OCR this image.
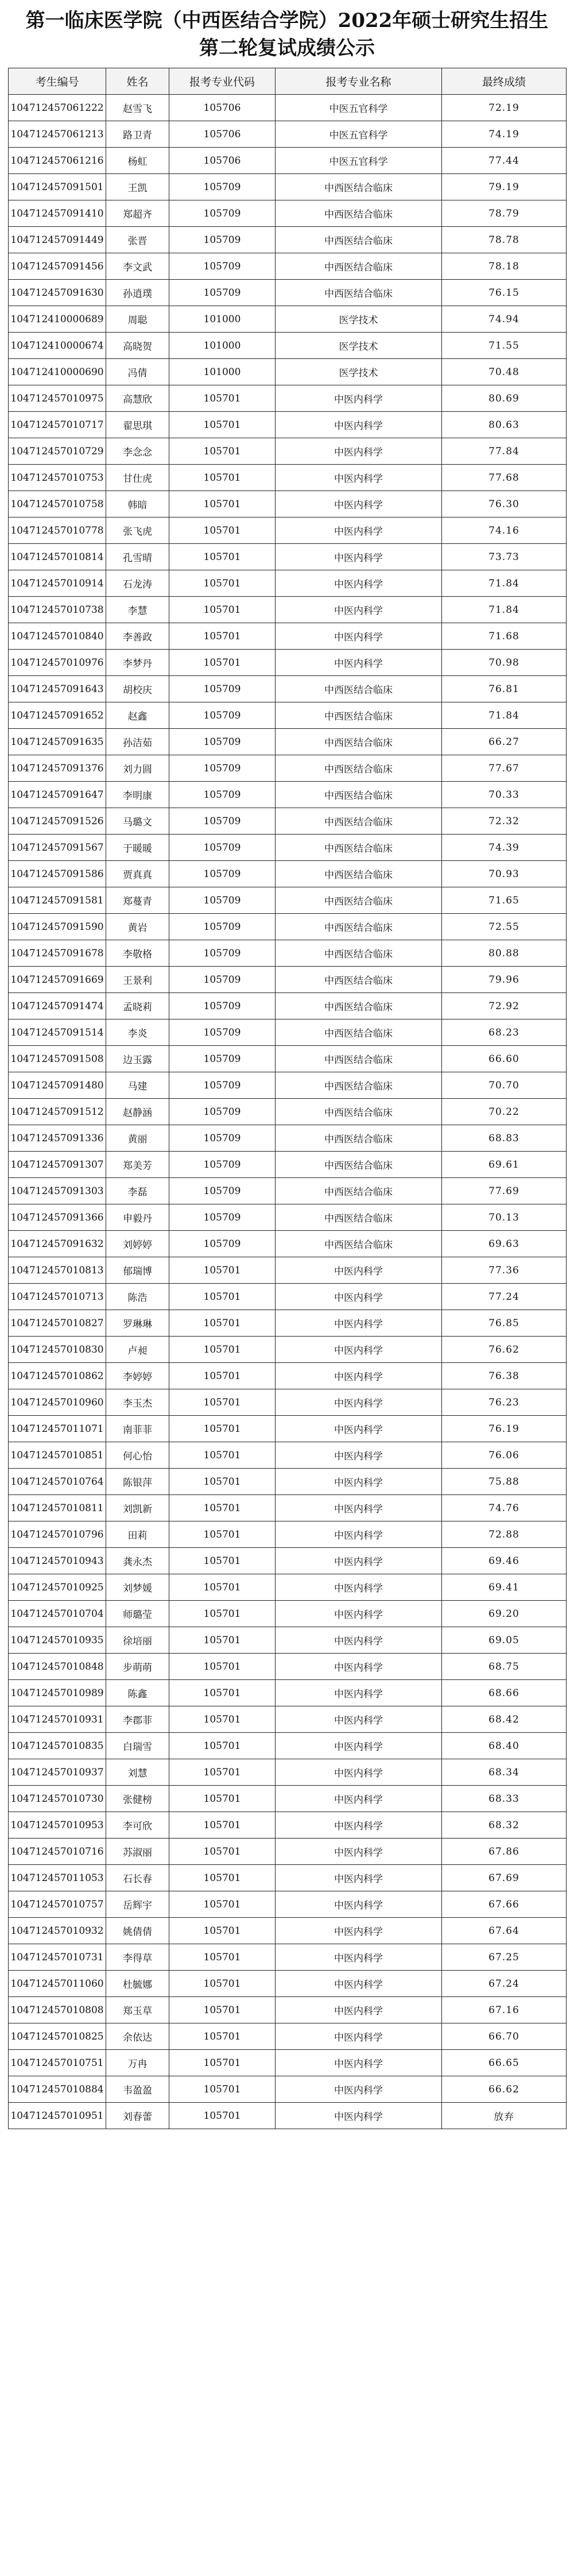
第一临床医学院（中西医结合学院）2022年硕士研究生招生
第二轮复试成绩公示
考生编号	姓名	报考专业代码	报考专业名称	最终成绩
104712457061222	赵雪飞	105706	中医五官科学	72.19
104712457061213	路卫青	105706	中医五官科学	74.19
104712457061216	杨虹	105706	中医五官科学	77.44
104712457091501	王凯	105709	中西医结合临床	79.19
104712457091410	郑超齐	105709	中西医结合临床	78.79
104712457091449	张晋	105709	中西医结合临床	78.78
104712457091456	李文武	105709	中西医结合临床	78.18
104712457091630	孙逍璞	105709	中西医结合临床	76.15
104712410000689	周聪	101000	医学技术	74.94
104712410000674	高晓贺	101000	医学技术	71.55
104712410000690	冯倩	101000	医学技术	70.48
104712457010975	高慧欣	105701	中医内科学	80.69
104712457010717	翟思琪	105701	中医内科学	80.63
104712457010729	李念念	105701	中医内科学	77.84
104712457010753	甘仕虎	105701	中医内科学	77.68
104712457010758	韩暗	105701	中医内科学	76.30
104712457010778	张飞虎	105701	中医内科学	74.16
104712457010814	孔雪晴	105701	中医内科学	73.73
104712457010914	石龙涛	105701	中医内科学	71.84
104712457010738	李慧	105701	中医内科学	71.84
104712457010840	李善政	105701	中医内科学	71.68
104712457010976	李梦丹	105701	中医内科学	70.98
104712457091643	胡校庆	105709	中西医结合临床	76.81
104712457091652	赵鑫	105709	中西医结合临床	71.84
104712457091635	孙洁茹	105709	中西医结合临床	66.27
104712457091376	刘力圆	105709	中西医结合临床	77.67
104712457091647	李明康	105709	中西医结合临床	70.33
104712457091526	马璐文	105709	中西医结合临床	72.32
104712457091567	于暖暖	105709	中西医结合临床	74.39
104712457091586	贾真真	105709	中西医结合临床	70.93
104712457091581	郑蔓青	105709	中西医结合临床	71.65
104712457091590	黄岩	105709	中西医结合临床	72.55
104712457091678	李敬格	105709	中西医结合临床	80.88
104712457091669	王景利	105709	中西医结合临床	79.96
104712457091474	孟晓莉	105709	中西医结合临床	72.92
104712457091514	李炎	105709	中西医结合临床	68.23
104712457091508	边玉露	105709	中西医结合临床	66.60
104712457091480	马建	105709	中西医结合临床	70.70
104712457091512	赵静涵	105709	中西医结合临床	70.22
104712457091336	黄丽	105709	中西医结合临床	68.83
104712457091307	郑美芳	105709	中西医结合临床	69.61
104712457091303	李磊	105709	中西医结合临床	77.69
104712457091366	申毅丹	105709	中西医结合临床	70.13
104712457091632	刘婷婷	105709	中西医结合临床	69.63
104712457010813	郁瑞博	105701	中医内科学	77.36
104712457010713	陈浩	105701	中医内科学	77.24
104712457010827	罗琳琳	105701	中医内科学	76.85
104712457010830	卢昶	105701	中医内科学	76.62
104712457010862	李婷婷	105701	中医内科学	76.38
104712457010960	李玉杰	105701	中医内科学	76.23
104712457011071	南菲菲	105701	中医内科学	76.19
104712457010851	何心怡	105701	中医内科学	76.06
104712457010764	陈银萍	105701	中医内科学	75.88
104712457010811	刘凯新	105701	中医内科学	74.76
104712457010796	田莉	105701	中医内科学	72.88
104712457010943	龚永杰	105701	中医内科学	69.46
104712457010925	刘梦媛	105701	中医内科学	69.41
104712457010704	师璐莹	105701	中医内科学	69.20
104712457010935	徐培丽	105701	中医内科学	69.05
104712457010848	步萌萌	105701	中医内科学	68.75
104712457010989	陈鑫	105701	中医内科学	68.66
104712457010931	李郡菲	105701	中医内科学	68.42
104712457010835	白瑞雪	105701	中医内科学	68.40
104712457010937	刘慧	105701	中医内科学	68.34
104712457010730	张健榜	105701	中医内科学	68.33
104712457010953	李可欣	105701	中医内科学	68.32
104712457010716	苏淑丽	105701	中医内科学	67.86
104712457011053	石长春	105701	中医内科学	67.69
104712457010757	岳辉宇	105701	中医内科学	67.66
104712457010932	姚倩倩	105701	中医内科学	67.64
104712457010731	李得草	105701	中医内科学	67.25
104712457011060	杜毓娜	105701	中医内科学	67.24
104712457010808	郑玉草	105701	中医内科学	67.16
104712457010825	余依达	105701	中医内科学	66.70
104712457010751	万冉	105701	中医内科学	66.65
104712457010884	韦盈盈	105701	中医内科学	66.62
104712457010951	刘春蕾	105701	中医内科学	放弃
